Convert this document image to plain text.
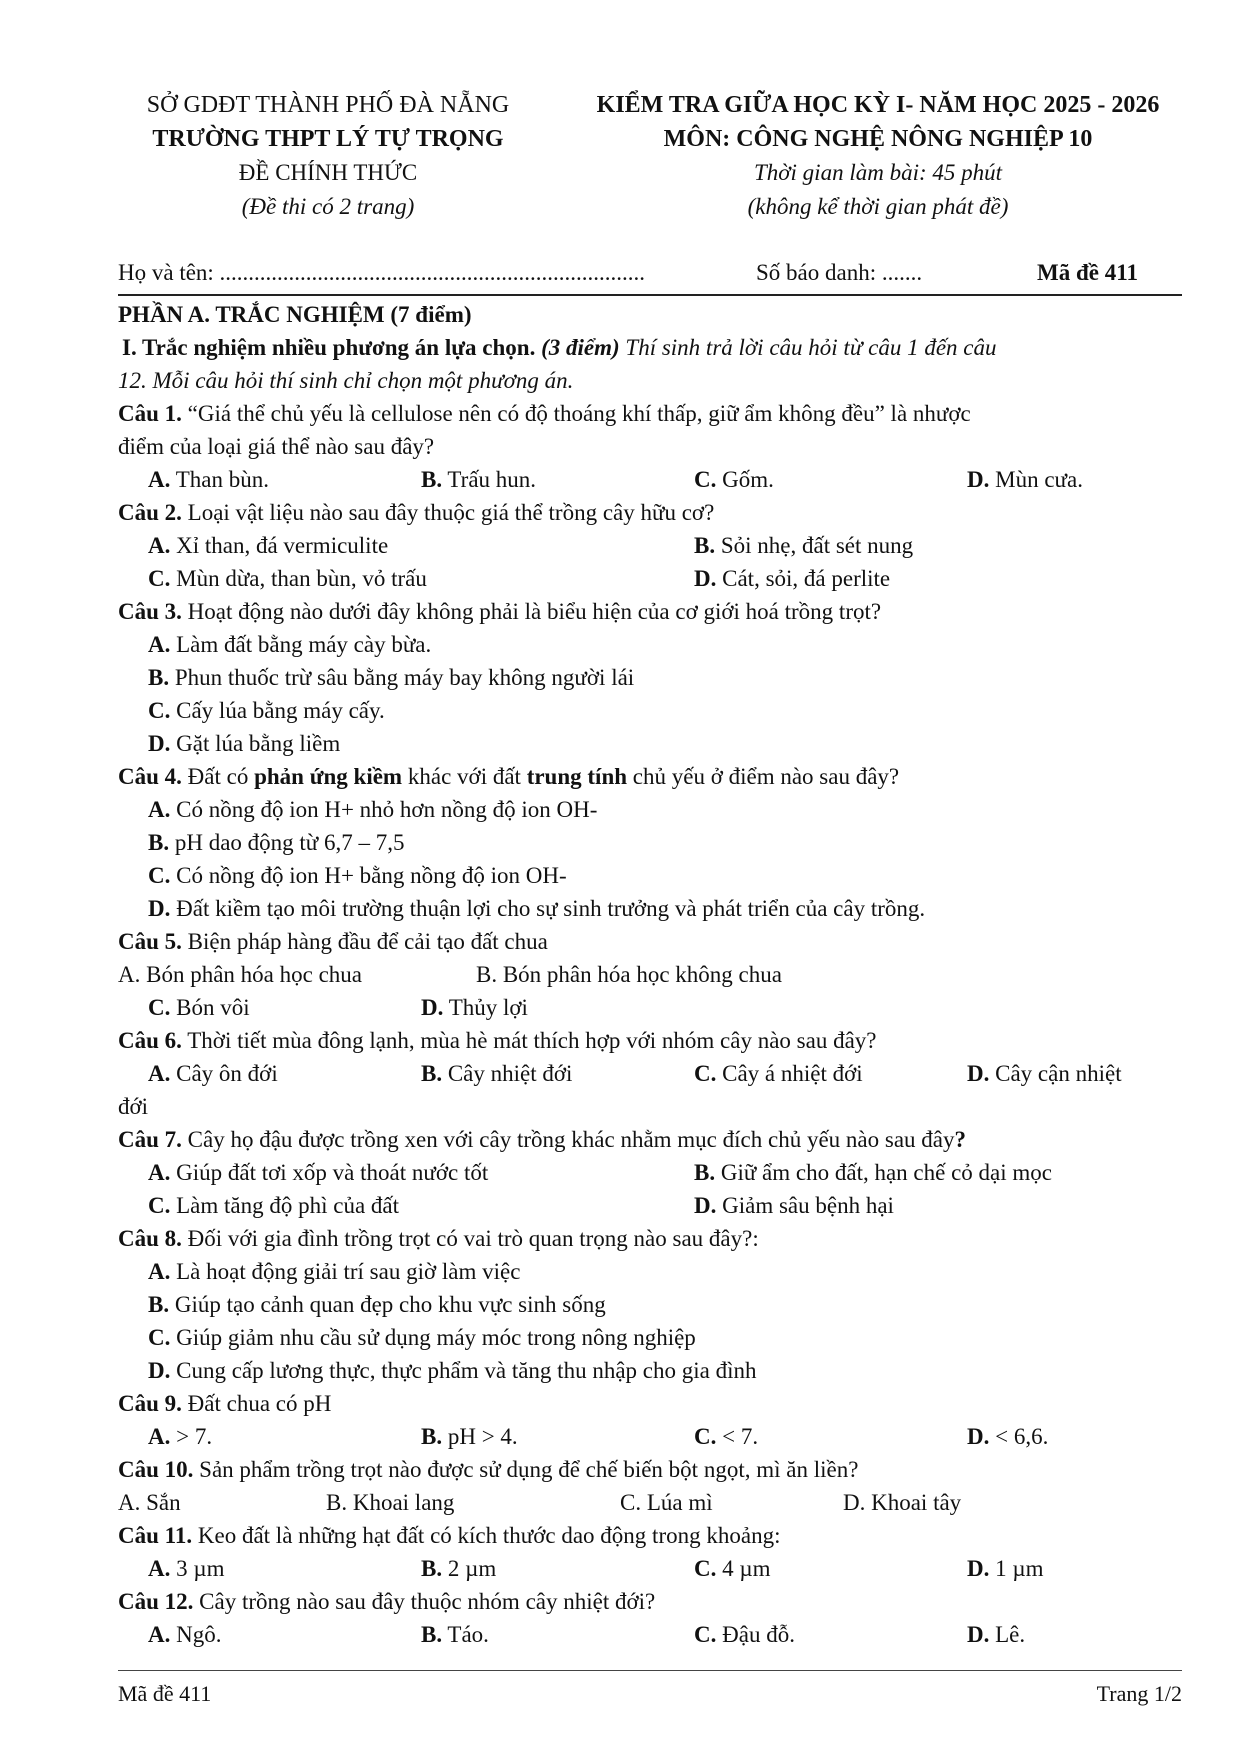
SỞ GDĐT THÀNH PHỐ ĐÀ NẴNG
TRƯỜNG THPT LÝ TỰ TRỌNG
ĐỀ CHÍNH THỨC
(Đề thi có 2 trang)
KIỂM TRA GIỮA HỌC KỲ I- NĂM HỌC 2025 - 2026
MÔN: CÔNG NGHỆ NÔNG NGHIỆP 10
Thời gian làm bài: 45 phút
(không kể thời gian phát đề)
Họ và tên: ..........................................................................	Số báo danh: .......	Mã đề 411
PHẦN A. TRẮC NGHIỆM (7 điểm)
I. Trắc nghiệm nhiều phương án lựa chọn. (3 điểm) Thí sinh trả lời câu hỏi từ câu 1 đến câu
12. Mỗi câu hỏi thí sinh chỉ chọn một phương án.
Câu 1. “Giá thể chủ yếu là cellulose nên có độ thoáng khí thấp, giữ ẩm không đều” là nhược
điểm của loại giá thể nào sau đây?
A. Than bùn.	B. Trấu hun.	C. Gốm.	D. Mùn cưa.
Câu 2. Loại vật liệu nào sau đây thuộc giá thể trồng cây hữu cơ?
A. Xỉ than, đá vermiculite	B. Sỏi nhẹ, đất sét nung
C. Mùn dừa, than bùn, vỏ trấu	D. Cát, sỏi, đá perlite
Câu 3. Hoạt động nào dưới đây không phải là biểu hiện của cơ giới hoá trồng trọt?
A. Làm đất bằng máy cày bừa.
B. Phun thuốc trừ sâu bằng máy bay không người lái
C. Cấy lúa bằng máy cấy.
D. Gặt lúa bằng liềm
Câu 4. Đất có phản ứng kiềm khác với đất trung tính chủ yếu ở điểm nào sau đây?
A. Có nồng độ ion H+ nhỏ hơn nồng độ ion OH-
B. pH dao động từ 6,7 – 7,5
C. Có nồng độ ion H+ bằng nồng độ ion OH-
D. Đất kiềm tạo môi trường thuận lợi cho sự sinh trưởng và phát triển của cây trồng.
Câu 5. Biện pháp hàng đầu để cải tạo đất chua
A. Bón phân hóa học chua	B. Bón phân hóa học không chua
C. Bón vôi	D. Thủy lợi
Câu 6. Thời tiết mùa đông lạnh, mùa hè mát thích hợp với nhóm cây nào sau đây?
A. Cây ôn đới	B. Cây nhiệt đới	C. Cây á nhiệt đới	D. Cây cận nhiệt
đới
Câu 7. Cây họ đậu được trồng xen với cây trồng khác nhằm mục đích chủ yếu nào sau đây?
A. Giúp đất tơi xốp và thoát nước tốt	B. Giữ ẩm cho đất, hạn chế cỏ dại mọc
C. Làm tăng độ phì của đất	D. Giảm sâu bệnh hại
Câu 8. Đối với gia đình trồng trọt có vai trò quan trọng nào sau đây?:
A. Là hoạt động giải trí sau giờ làm việc
B. Giúp tạo cảnh quan đẹp cho khu vực sinh sống
C. Giúp giảm nhu cầu sử dụng máy móc trong nông nghiệp
D. Cung cấp lương thực, thực phẩm và tăng thu nhập cho gia đình
Câu 9. Đất chua có pH
A. > 7.	B. pH > 4.	C. < 7.	D. < 6,6.
Câu 10. Sản phẩm trồng trọt nào được sử dụng để chế biến bột ngọt, mì ăn liền?
A. Sắn	B. Khoai lang	C. Lúa mì	D. Khoai tây
Câu 11. Keo đất là những hạt đất có kích thước dao động trong khoảng:
A. 3 µm	B. 2 µm	C. 4 µm	D. 1 µm
Câu 12. Cây trồng nào sau đây thuộc nhóm cây nhiệt đới?
A. Ngô.	B. Táo.	C. Đậu đỗ.	D. Lê.
Mã đề 411	Trang 1/2
